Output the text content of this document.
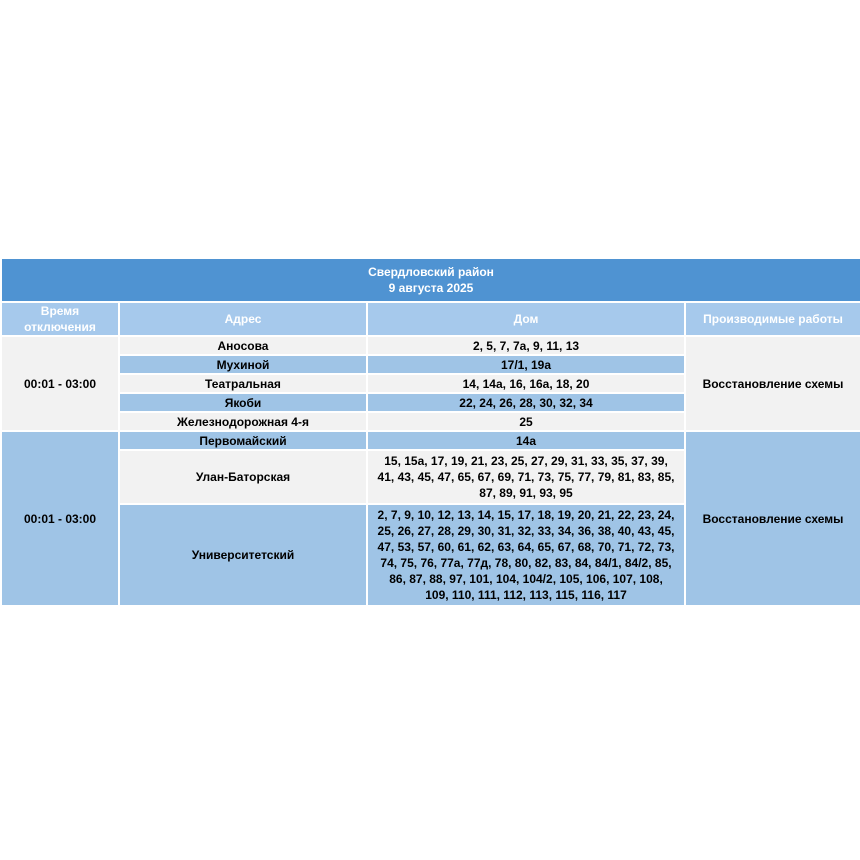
Свердловский район
9 августа 2025			

Время отключения	Адрес	Дом	Производимые работы
00:01 - 03:00	Аносова	2, 5, 7, 7а, 9, 11, 13	Восстановление схемы
	Мухиной	17/1, 19а	
	Театральная	14, 14а, 16, 16а, 18, 20	
	Якоби	22, 24, 26, 28, 30, 32, 34	
	Железнодорожная 4-я	25	
00:01 - 03:00	Первомайский	14а	Восстановление схемы
	Улан-Баторская	15, 15а, 17, 19, 21, 23, 25, 27, 29, 31, 33, 35, 37, 39, 41, 43, 45, 47, 65, 67, 69, 71, 73, 75, 77, 79, 81, 83, 85, 87, 89, 91, 93, 95	
	Университетский	2, 7, 9, 10, 12, 13, 14, 15, 17, 18, 19, 20, 21, 22, 23, 24, 25, 26, 27, 28, 29, 30, 31, 32, 33, 34, 36, 38, 40, 43, 45, 47, 53, 57, 60, 61, 62, 63, 64, 65, 67, 68, 70, 71, 72, 73, 74, 75, 76, 77а, 77д, 78, 80, 82, 83, 84, 84/1, 84/2, 85, 86, 87, 88, 97, 101, 104, 104/2, 105, 106, 107, 108, 109, 110, 111, 112, 113, 115, 116, 117	
